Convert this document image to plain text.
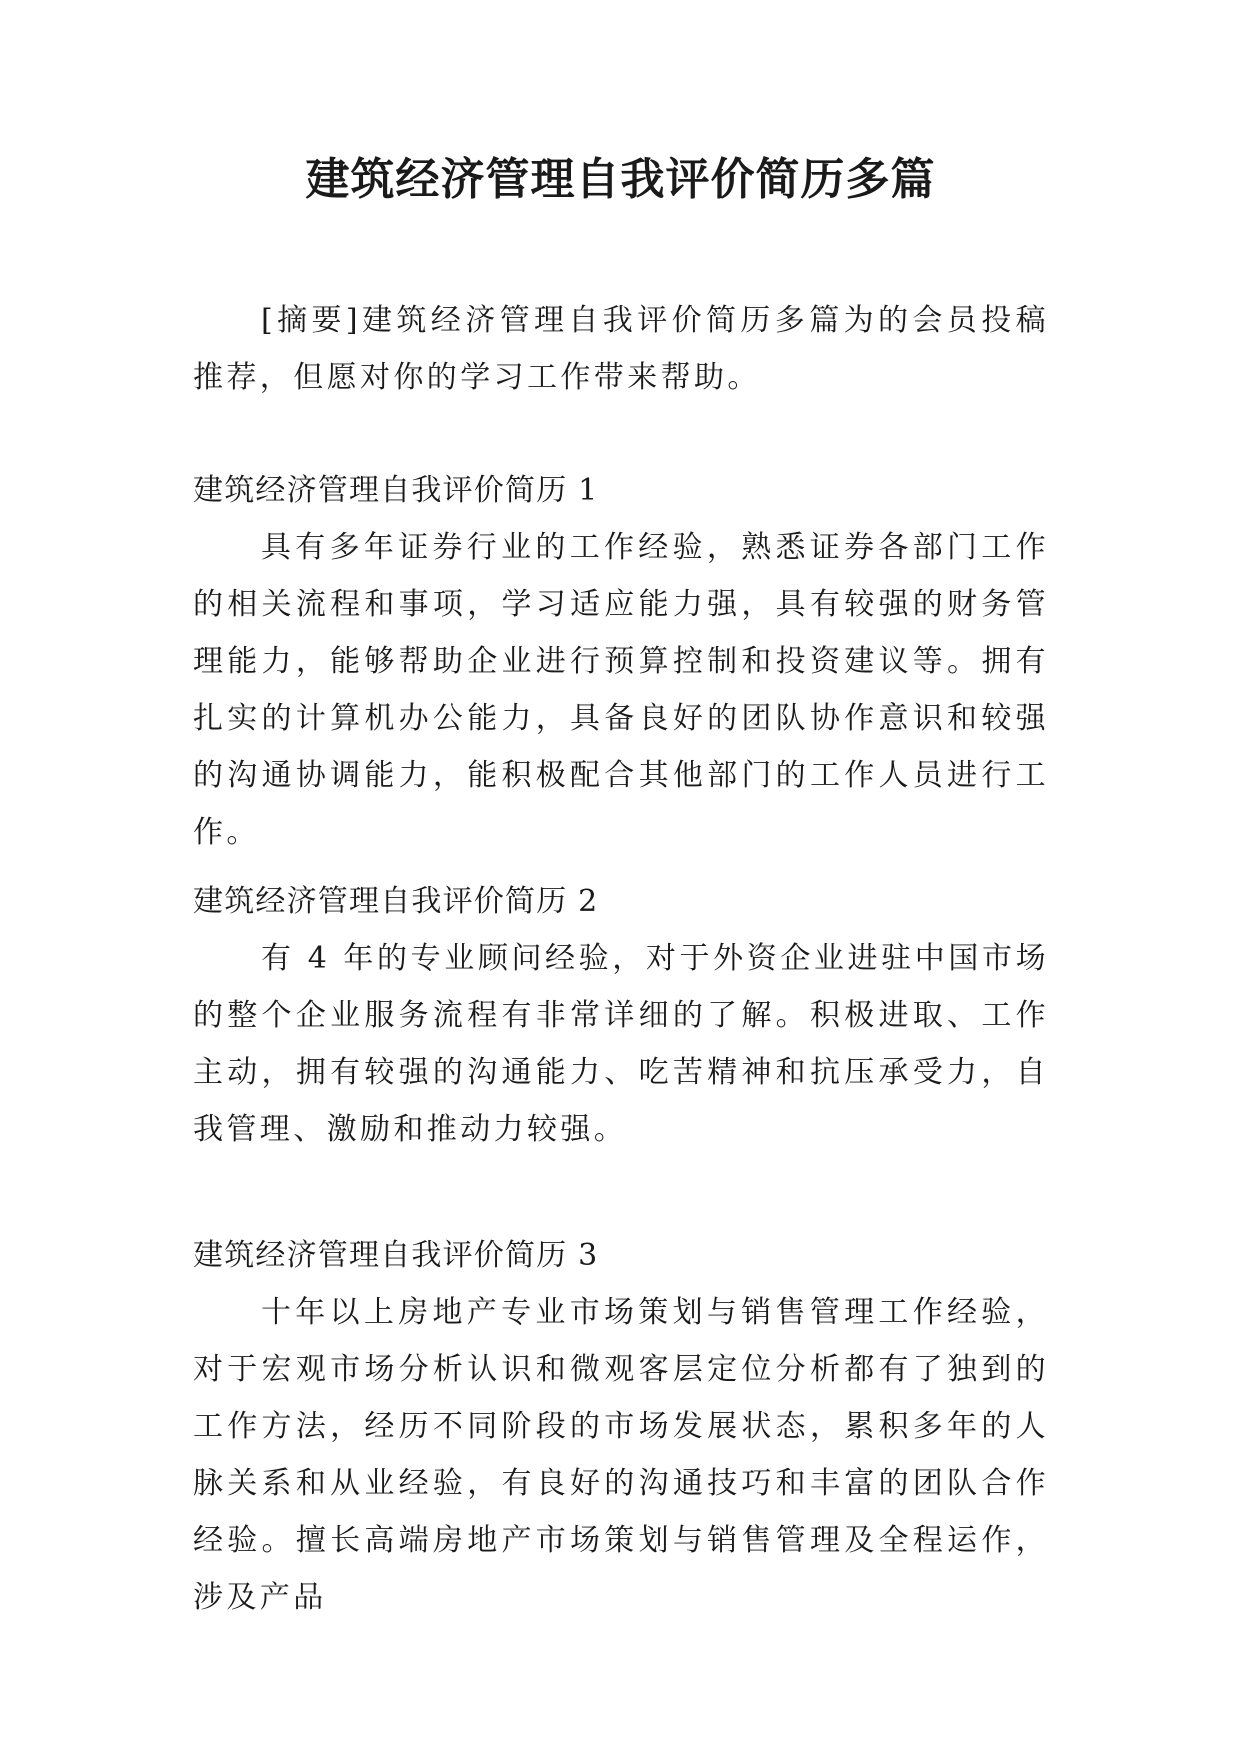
建筑经济管理自我评价简历多篇

[摘要]建筑经济管理自我评价简历多篇为的会员投稿推荐，但愿对你的学习工作带来帮助。

建筑经济管理自我评价简历 1

具有多年证券行业的工作经验，熟悉证券各部门工作的相关流程和事项，学习适应能力强，具有较强的财务管理能力，能够帮助企业进行预算控制和投资建议等。拥有扎实的计算机办公能力，具备良好的团队协作意识和较强的沟通协调能力，能积极配合其他部门的工作人员进行工作。

建筑经济管理自我评价简历 2

有 4 年的专业顾问经验，对于外资企业进驻中国市场的整个企业服务流程有非常详细的了解。积极进取、工作主动，拥有较强的沟通能力、吃苦精神和抗压承受力，自我管理、激励和推动力较强。

建筑经济管理自我评价简历 3

十年以上房地产专业市场策划与销售管理工作经验，对于宏观市场分析认识和微观客层定位分析都有了独到的工作方法，经历不同阶段的市场发展状态，累积多年的人脉关系和从业经验，有良好的沟通技巧和丰富的团队合作经验。擅长高端房地产市场策划与销售管理及全程运作，涉及产品
